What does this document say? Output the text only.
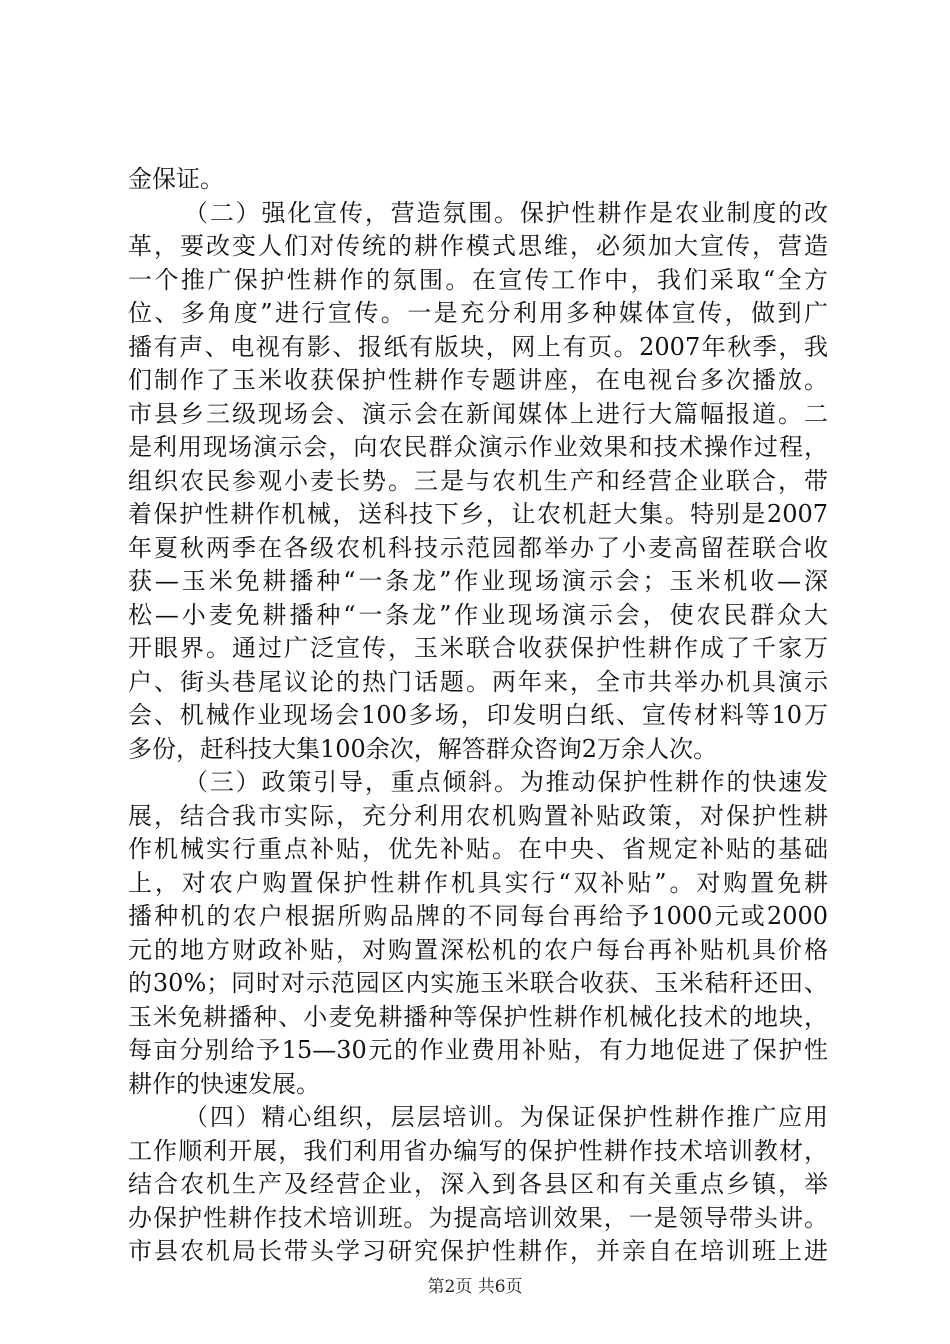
金保证。
（二）强化宣传，营造氛围。保护性耕作是农业制度的改
革，要改变人们对传统的耕作模式思维，必须加大宣传，营造
一个推广保护性耕作的氛围。在宣传工作中，我们采取“全方
位、多角度”进行宣传。一是充分利用多种媒体宣传，做到广
播有声、电视有影、报纸有版块，网上有页。2007年秋季，我
们制作了玉米收获保护性耕作专题讲座，在电视台多次播放。
市县乡三级现场会、演示会在新闻媒体上进行大篇幅报道。二
是利用现场演示会，向农民群众演示作业效果和技术操作过程，
组织农民参观小麦长势。三是与农机生产和经营企业联合，带
着保护性耕作机械，送科技下乡，让农机赶大集。特别是2007
年夏秋两季在各级农机科技示范园都举办了小麦高留茬联合收
获—玉米免耕播种“一条龙”作业现场演示会；玉米机收—深
松—小麦免耕播种“一条龙”作业现场演示会，使农民群众大
开眼界。通过广泛宣传，玉米联合收获保护性耕作成了千家万
户、街头巷尾议论的热门话题。两年来，全市共举办机具演示
会、机械作业现场会100多场，印发明白纸、宣传材料等10万
多份，赶科技大集100余次，解答群众咨询2万余人次。
（三）政策引导，重点倾斜。为推动保护性耕作的快速发
展，结合我市实际，充分利用农机购置补贴政策，对保护性耕
作机械实行重点补贴，优先补贴。在中央、省规定补贴的基础
上，对农户购置保护性耕作机具实行“双补贴”。对购置免耕
播种机的农户根据所购品牌的不同每台再给予1000元或2000
元的地方财政补贴，对购置深松机的农户每台再补贴机具价格
的30%；同时对示范园区内实施玉米联合收获、玉米秸秆还田、
玉米免耕播种、小麦免耕播种等保护性耕作机械化技术的地块，
每亩分别给予15—30元的作业费用补贴，有力地促进了保护性
耕作的快速发展。
（四）精心组织，层层培训。为保证保护性耕作推广应用
工作顺利开展，我们利用省办编写的保护性耕作技术培训教材，
结合农机生产及经营企业，深入到各县区和有关重点乡镇，举
办保护性耕作技术培训班。为提高培训效果，一是领导带头讲。
市县农机局长带头学习研究保护性耕作，并亲自在培训班上进
第2页 共6页
